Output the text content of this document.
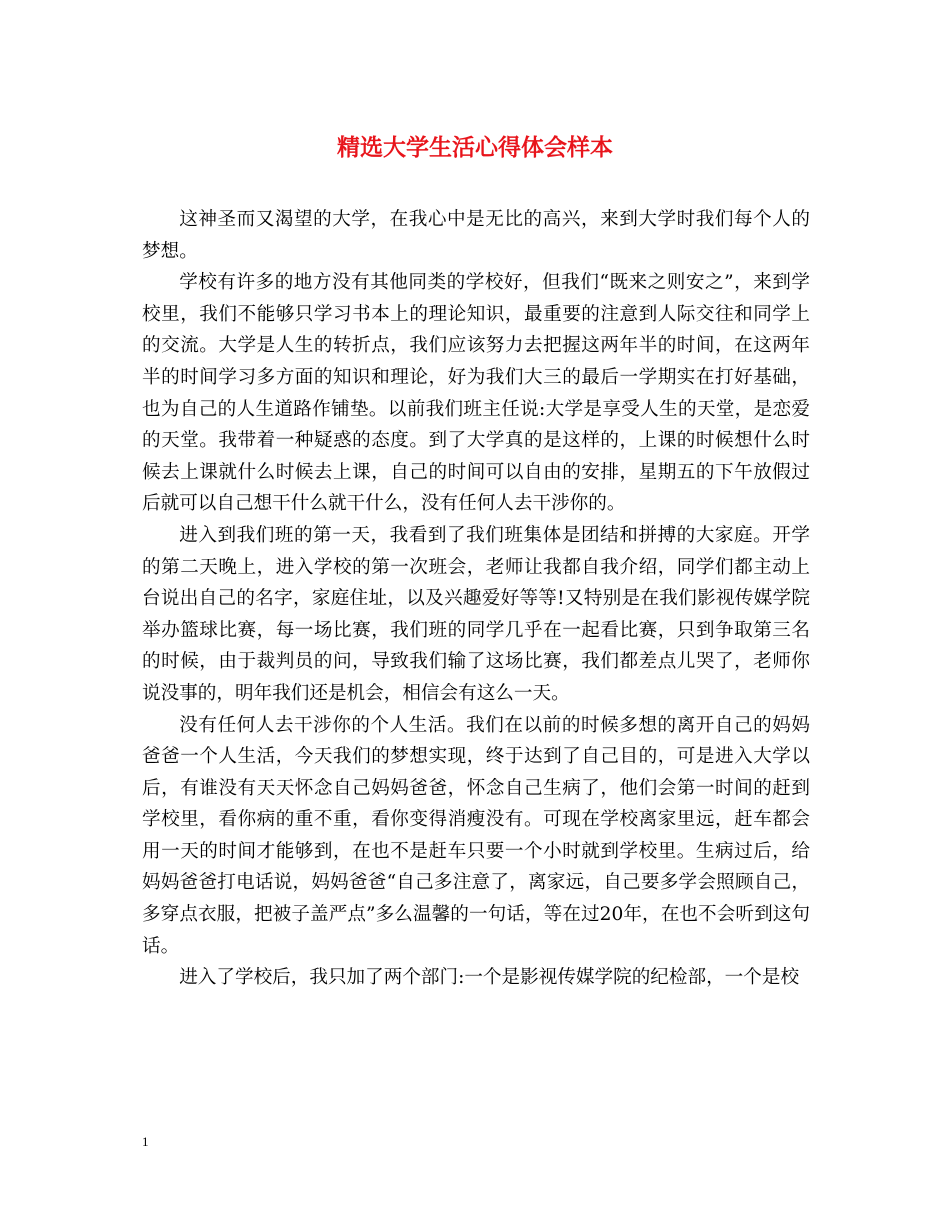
精选大学生活心得体会样本

这神圣而又渴望的大学，在我心中是无比的高兴，来到大学时我们每个人的梦想。

学校有许多的地方没有其他同类的学校好，但我们“既来之则安之”，来到学校里，我们不能够只学习书本上的理论知识，最重要的注意到人际交往和同学上的交流。大学是人生的转折点，我们应该努力去把握这两年半的时间，在这两年半的时间学习多方面的知识和理论，好为我们大三的最后一学期实在打好基础，也为自己的人生道路作铺垫。以前我们班主任说:大学是享受人生的天堂，是恋爱的天堂。我带着一种疑惑的态度。到了大学真的是这样的，上课的时候想什么时候去上课就什么时候去上课，自己的时间可以自由的安排，星期五的下午放假过后就可以自己想干什么就干什么，没有任何人去干涉你的。

进入到我们班的第一天，我看到了我们班集体是团结和拼搏的大家庭。开学的第二天晚上，进入学校的第一次班会，老师让我都自我介绍，同学们都主动上台说出自己的名字，家庭住址，以及兴趣爱好等等!又特别是在我们影视传媒学院举办篮球比赛，每一场比赛，我们班的同学几乎在一起看比赛，只到争取第三名的时候，由于裁判员的问，导致我们输了这场比赛，我们都差点儿哭了，老师你说没事的，明年我们还是机会，相信会有这么一天。

没有任何人去干涉你的个人生活。我们在以前的时候多想的离开自己的妈妈爸爸一个人生活，今天我们的梦想实现，终于达到了自己目的，可是进入大学以后，有谁没有天天怀念自己妈妈爸爸，怀念自己生病了，他们会第一时间的赶到学校里，看你病的重不重，看你变得消瘦没有。可现在学校离家里远，赶车都会用一天的时间才能够到，在也不是赶车只要一个小时就到学校里。生病过后，给妈妈爸爸打电话说，妈妈爸爸“自己多注意了，离家远，自己要多学会照顾自己，多穿点衣服，把被子盖严点”多么温馨的一句话，等在过20年，在也不会听到这句话。

进入了学校后，我只加了两个部门:一个是影视传媒学院的纪检部，一个是校

1
